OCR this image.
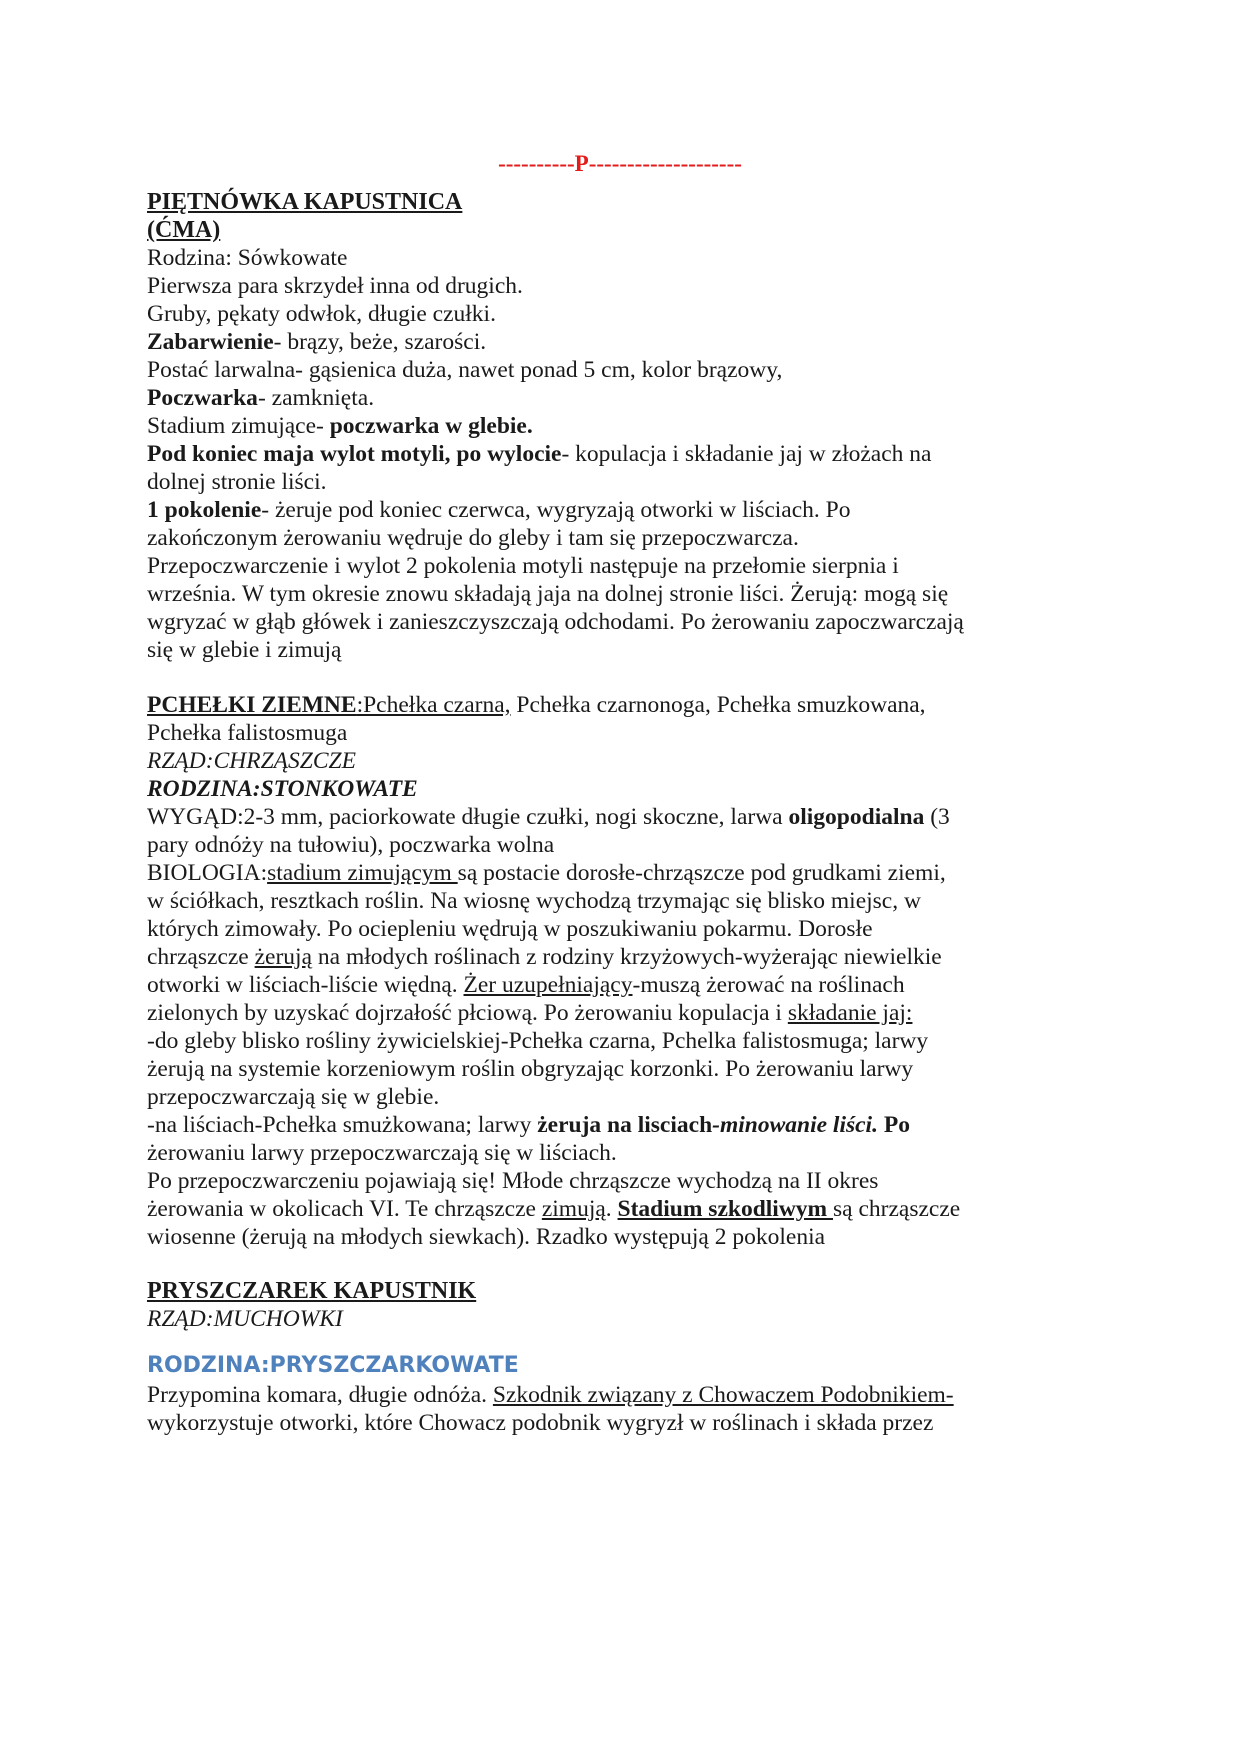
----------P--------------------
PIĘTNÓWKA KAPUSTNICA
(ĆMA)
Rodzina: Sówkowate
Pierwsza para skrzydeł inna od drugich.
Gruby, pękaty odwłok, długie czułki.
Zabarwienie- brązy, beże, szarości.
Postać larwalna- gąsienica duża, nawet ponad 5 cm, kolor brązowy,
Poczwarka- zamknięta.
Stadium zimujące- poczwarka w glebie.
Pod koniec maja wylot motyli, po wylocie- kopulacja i składanie jaj w złożach na
dolnej stronie liści.
1 pokolenie- żeruje pod koniec czerwca, wygryzają otworki w liściach. Po
zakończonym żerowaniu wędruje do gleby i tam się przepoczwarcza.
Przepoczwarczenie i wylot 2 pokolenia motyli następuje na przełomie sierpnia i
września. W tym okresie znowu składają jaja na dolnej stronie liści. Żerują: mogą się
wgryzać w głąb główek i zanieszczyszczają odchodami. Po żerowaniu zapoczwarczają
się w glebie i zimują
PCHEŁKI ZIEMNE:Pchełka czarna, Pchełka czarnonoga, Pchełka smuzkowana,
Pchełka falistosmuga
RZĄD:CHRZĄSZCZE
RODZINA:STONKOWATE
WYGĄD:2-3 mm, paciorkowate długie czułki, nogi skoczne, larwa oligopodialna (3
pary odnóży na tułowiu), poczwarka wolna
BIOLOGIA:stadium zimującym są postacie dorosłe-chrząszcze pod grudkami ziemi,
w ściółkach, resztkach roślin. Na wiosnę wychodzą trzymając się blisko miejsc, w
których zimowały. Po ociepleniu wędrują w poszukiwaniu pokarmu. Dorosłe
chrząszcze żerują na młodych roślinach z rodziny krzyżowych-wyżerając niewielkie
otworki w liściach-liście więdną. Żer uzupełniający-muszą żerować na roślinach
zielonych by uzyskać dojrzałość płciową. Po żerowaniu kopulacja i składanie jaj:
-do gleby blisko rośliny żywicielskiej-Pchełka czarna, Pchelka falistosmuga; larwy
żerują na systemie korzeniowym roślin obgryzając korzonki. Po żerowaniu larwy
przepoczwarczają się w glebie.
-na liściach-Pchełka smużkowana; larwy żeruja na lisciach-minowanie liści. Po
żerowaniu larwy przepoczwarczają się w liściach.
Po przepoczwarczeniu pojawiają się! Młode chrząszcze wychodzą na II okres
żerowania w okolicach VI. Te chrząszcze zimują. Stadium szkodliwym są chrząszcze
wiosenne (żerują na młodych siewkach). Rzadko występują 2 pokolenia
PRYSZCZAREK KAPUSTNIK
RZĄD:MUCHOWKI
RODZINA:PRYSZCZARKOWATE
Przypomina komara, długie odnóża. Szkodnik związany z Chowaczem Podobnikiem-
wykorzystuje otworki, które Chowacz podobnik wygryzł w roślinach i składa przez
